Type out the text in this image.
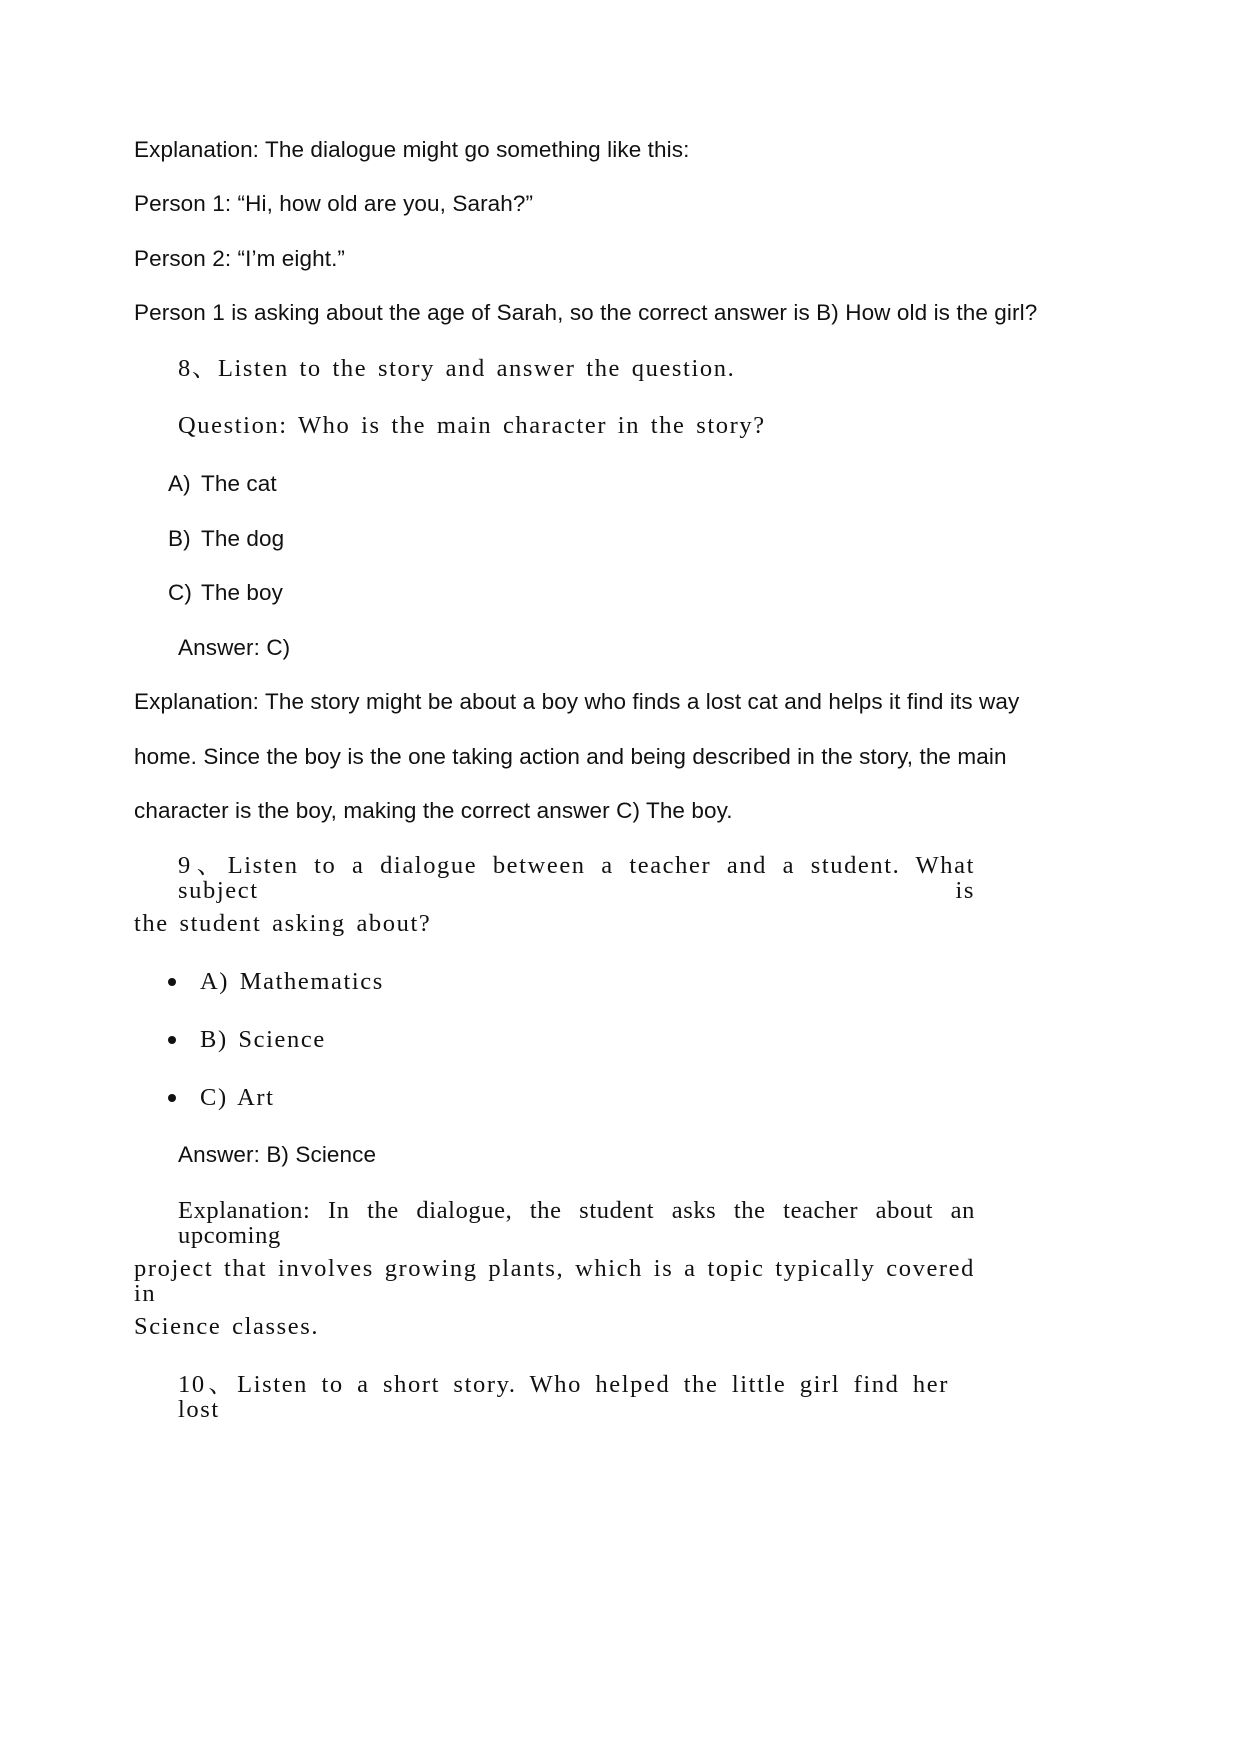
Explanation: The dialogue might go something like this:
Person 1: “Hi, how old are you, Sarah?”
Person 2: “I’m eight.”
Person 1 is asking about the age of Sarah, so the correct answer is B) How old is the girl?
8、Listen to the story and answer the question.
Question: Who is the main character in the story?
A) The cat
B) The dog
C) The boy
Answer: C)
Explanation: The story might be about a boy who finds a lost cat and helps it find its way
home. Since the boy is the one taking action and being described in the story, the main
character is the boy, making the correct answer C) The boy.
9、Listen to a dialogue between a teacher and a student. What subject is
the student asking about?
A) Mathematics
B) Science
C) Art
Answer: B) Science
Explanation: In the dialogue, the student asks the teacher about an upcoming
project that involves growing plants, which is a topic typically covered in
Science classes.
10、Listen to a short story. Who helped the little girl find her lost
